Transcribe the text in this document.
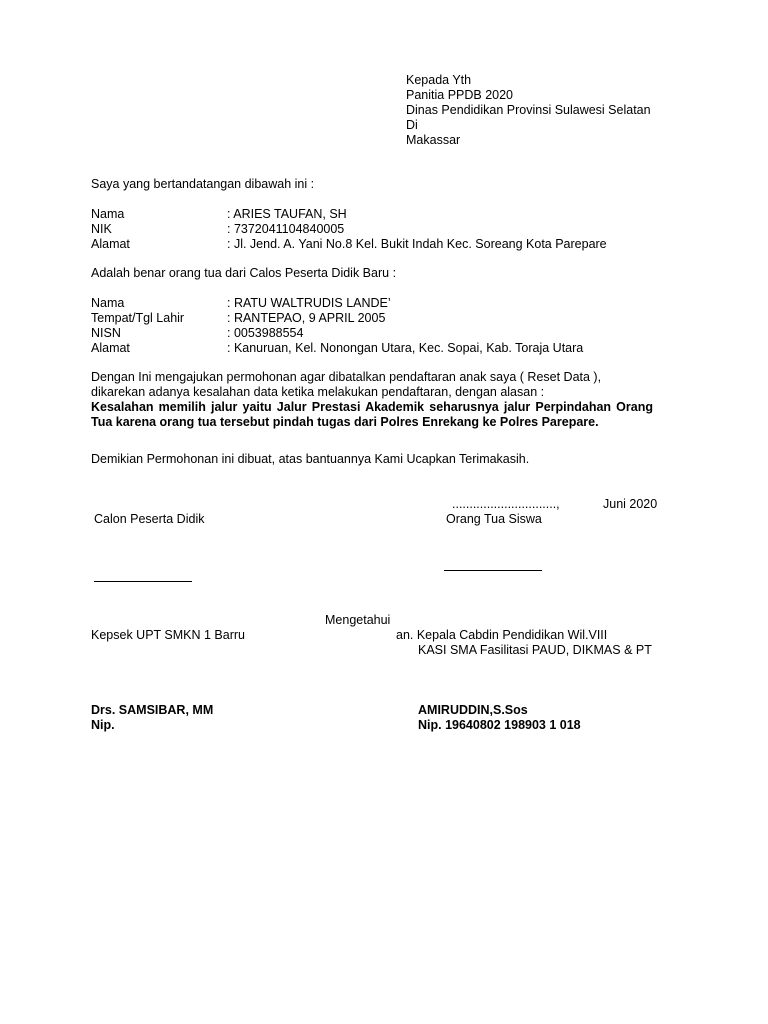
Kepada Yth
Panitia PPDB 2020
Dinas Pendidikan Provinsi Sulawesi Selatan
Di
Makassar
Saya yang bertandatangan dibawah ini :
Nama	: ARIES TAUFAN, SH
NIK	: 7372041104840005
Alamat	: Jl. Jend. A. Yani No.8 Kel. Bukit Indah Kec. Soreang Kota Parepare
Adalah benar orang tua dari Calos Peserta Didik Baru :
Nama	: RATU WALTRUDIS LANDE’
Tempat/Tgl Lahir	: RANTEPAO, 9 APRIL 2005
NISN	: 0053988554
Alamat	: Kanuruan, Kel. Nonongan Utara, Kec. Sopai, Kab. Toraja Utara
Dengan Ini mengajukan permohonan agar dibatalkan pendaftaran anak saya ( Reset Data ),
dikarekan adanya kesalahan data ketika melakukan pendaftaran, dengan alasan :
Kesalahan memilih jalur yaitu Jalur Prestasi Akademik seharusnya jalur Perpindahan Orang Tua karena orang tua tersebut pindah tugas dari Polres Enrekang ke Polres Parepare.
Demikian Permohonan ini dibuat, atas bantuannya Kami Ucapkan Terimakasih.
..............................,	Juni 2020
Calon Peserta Didik	Orang Tua Siswa
Mengetahui
Kepsek UPT SMKN 1 Barru	an. Kepala Cabdin Pendidikan Wil.VIII
KASI SMA Fasilitasi PAUD, DIKMAS & PT
Drs. SAMSIBAR, MM
Nip.
AMIRUDDIN,S.Sos
Nip. 19640802 198903 1 018
